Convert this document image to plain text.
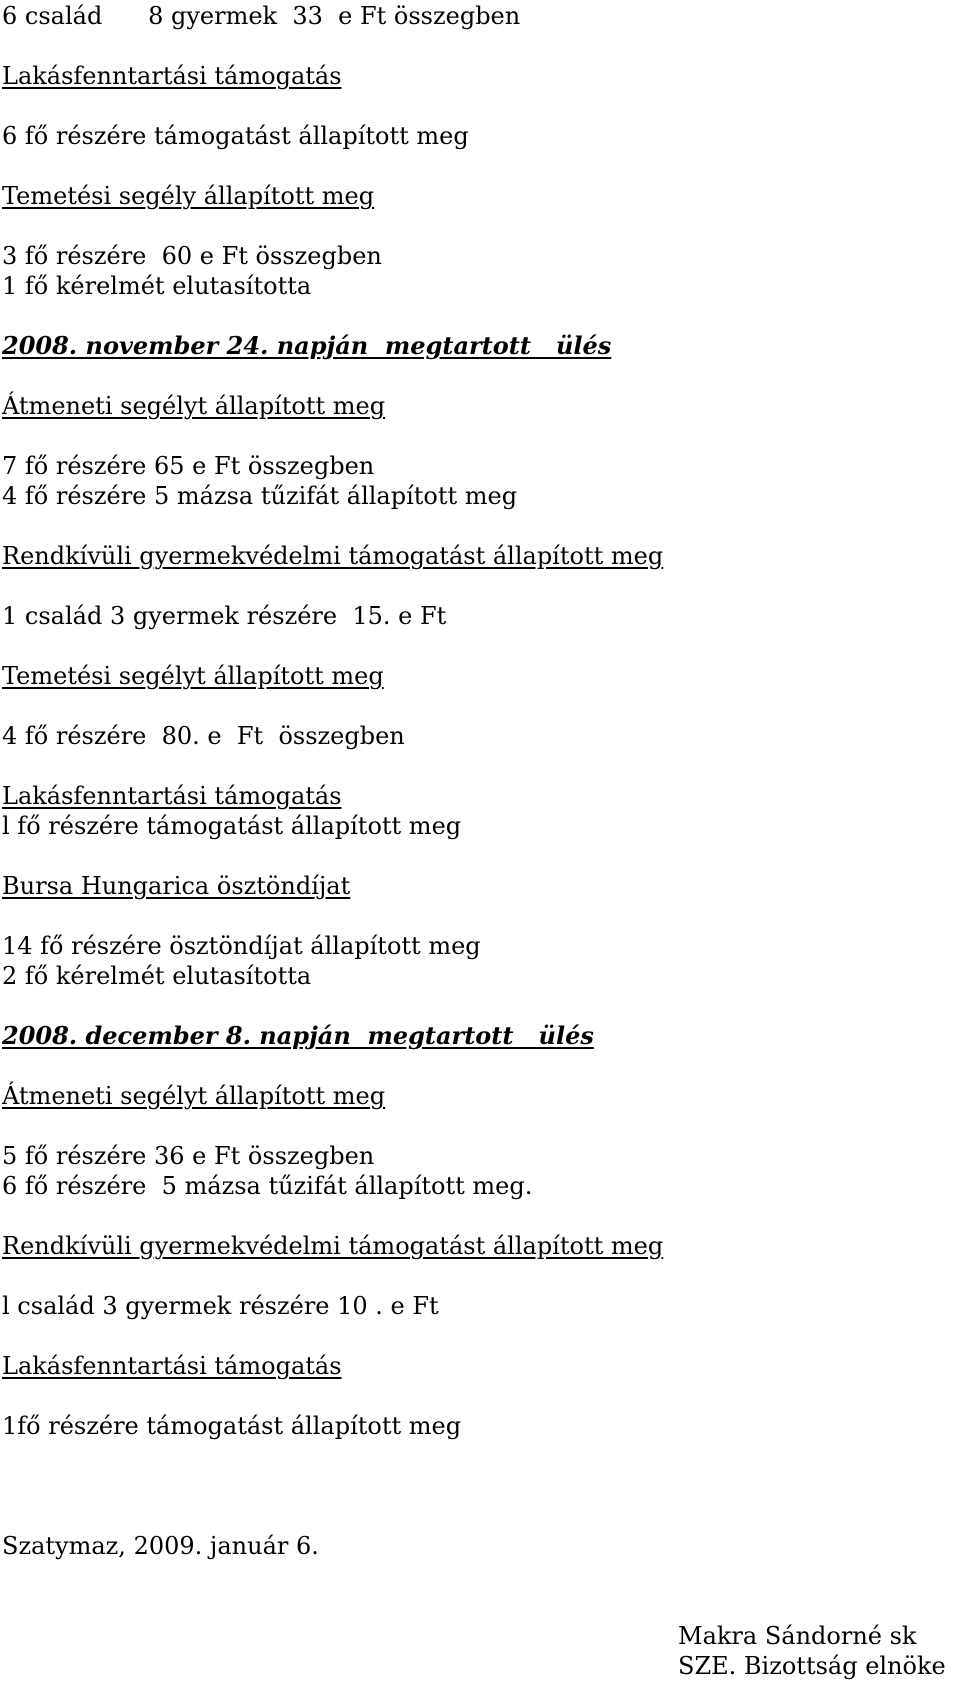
6 család      8 gyermek  33  e Ft összegben

Lakásfenntartási támogatás

6 fő részére támogatást állapított meg

Temetési segély állapított meg

3 fő részére  60 e Ft összegben

1 fő kérelmét elutasította

2008. november 24. napján  megtartott   ülés

Átmeneti segélyt állapított meg

7 fő részére 65 e Ft összegben

4 fő részére 5 mázsa tűzifát állapított meg

Rendkívüli gyermekvédelmi támogatást állapított meg

1 család 3 gyermek részére  15. e Ft

Temetési segélyt állapított meg

4 fő részére  80. e  Ft  összegben

Lakásfenntartási támogatás

l fő részére támogatást állapított meg

Bursa Hungarica ösztöndíjat

14 fő részére ösztöndíjat állapított meg

2 fő kérelmét elutasította

2008. december 8. napján  megtartott   ülés

Átmeneti segélyt állapított meg

5 fő részére 36 e Ft összegben

6 fő részére  5 mázsa tűzifát állapított meg.

Rendkívüli gyermekvédelmi támogatást állapított meg

l család 3 gyermek részére 10 . e Ft

Lakásfenntartási támogatás

1fő részére támogatást állapított meg

Szatymaz, 2009. január 6.

Makra Sándorné sk

SZE. Bizottság elnöke
